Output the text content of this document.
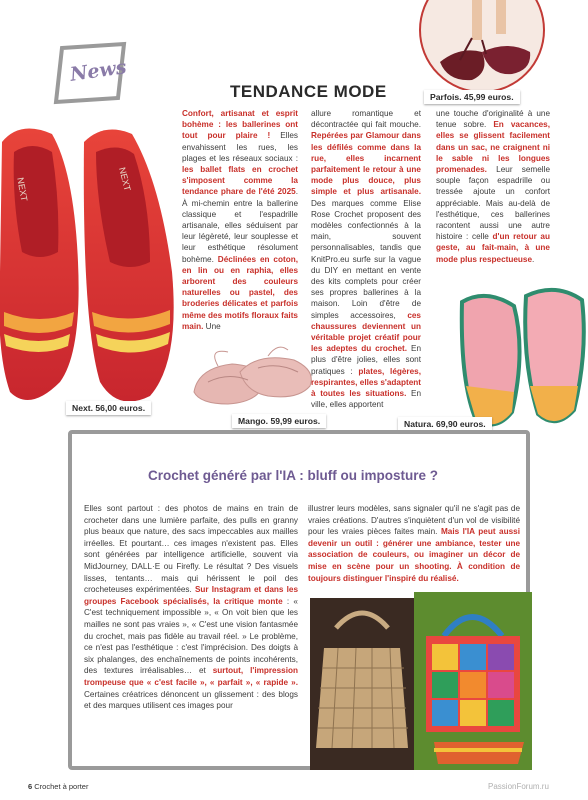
News
TENDANCE MODE	Parfois. 45,99 euros.
NEXT	NEXT
Next. 56,00 euros.
Confort, artisanat et esprit bohème : les ballerines ont tout pour plaire ! Elles envahissent les rues, les plages et les réseaux sociaux : les ballet flats en crochet s'imposent comme la tendance phare de l'été 2025. À mi-chemin entre la ballerine classique et l'espadrille artisanale, elles séduisent par leur légèreté, leur souplesse et leur esthétique résolument bohème. Déclinées en coton, en lin ou en raphia, elles arborent des couleurs naturelles ou pastel, des broderies délicates et parfois même des motifs floraux faits main. Une
allure romantique et décontractée qui fait mouche. Repérées par Glamour dans les défilés comme dans la rue, elles incarnent parfaitement le retour à une mode plus douce, plus simple et plus artisanale. Des marques comme Elise Rose Crochet proposent des modèles confectionnés à la main, souvent personnalisables, tandis que KnitPro.eu surfe sur la vague du DIY en mettant en vente des kits complets pour créer ses propres ballerines à la maison. Loin d'être de simples accessoires, ces chaussures deviennent un véritable projet créatif pour les adeptes du crochet. En plus d'être jolies, elles sont pratiques : plates, légères, respirantes, elles s'adaptent à toutes les situations. En ville, elles apportent
une touche d'originalité à une tenue sobre. En vacances, elles se glissent facilement dans un sac, ne craignent ni le sable ni les longues promenades. Leur semelle souple façon espadrille ou tressée ajoute un confort appréciable. Mais au-delà de l'esthétique, ces ballerines racontent aussi une autre histoire : celle d'un retour au geste, au fait-main, à une mode plus respectueuse.
Mango. 59,99 euros.	Natura. 69,90 euros.
Crochet généré par l'IA : bluff ou imposture ?
Elles sont partout : des photos de mains en train de crocheter dans une lumière parfaite, des pulls en granny plus beaux que nature, des sacs impeccables aux mailles irréelles. Et pourtant… ces images n'existent pas. Elles sont générées par intelligence artificielle, souvent via MidJourney, DALL·E ou Firefly. Le résultat ? Des visuels lisses, tentants… mais qui hérissent le poil des crocheteuses expérimentées. Sur Instagram et dans les groupes Facebook spécialisés, la critique monte : « C'est techniquement impossible », « On voit bien que les mailles ne sont pas vraies », « C'est une vision fantasmée du crochet, mais pas fidèle au travail réel. » Le problème, ce n'est pas l'esthétique : c'est l'imprécision. Des doigts à six phalanges, des enchaînements de points incohérents, des textures irréalisables… et surtout, l'impression trompeuse que « c'est facile », « parfait », « rapide ». Certaines créatrices dénoncent un glissement : des blogs et des marques utilisent ces images pour
illustrer leurs modèles, sans signaler qu'il ne s'agit pas de vraies créations. D'autres s'inquiètent d'un vol de visibilité pour les vraies pièces faites main. Mais l'IA peut aussi devenir un outil : générer une ambiance, tester une association de couleurs, ou imaginer un décor de mise en scène pour un shooting. À condition de toujours distinguer l'inspiré du réalisé.
6 Crochet à porter	PassionForum.ru
